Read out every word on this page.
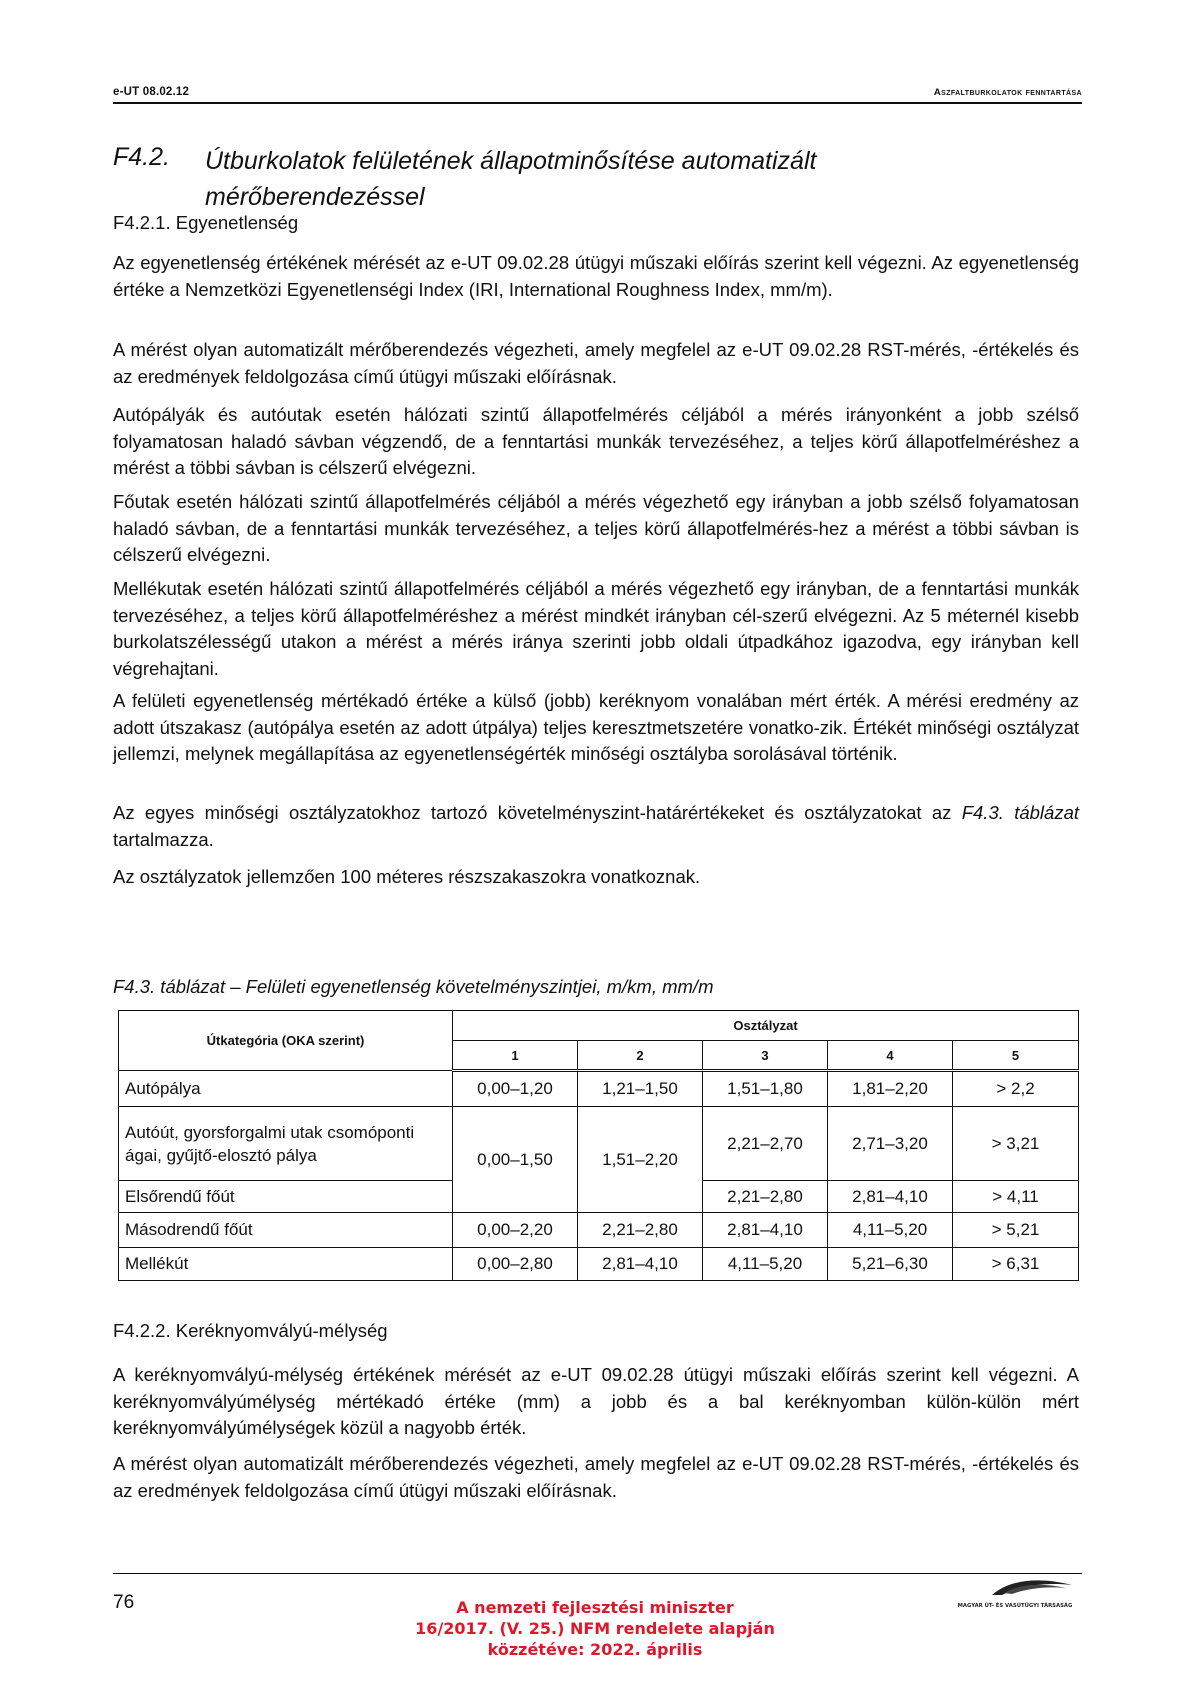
e-UT 08.02.12	Aszfaltburkolatok fenntartása
F4.2. Útburkolatok felületének állapotminősítése automatizált mérőberendezéssel
F4.2.1. Egyenetlenség

Az egyenetlenség értékének mérését az e-UT 09.02.28 útügyi műszaki előírás szerint kell végezni. Az egyenetlenség értéke a Nemzetközi Egyenetlenségi Index (IRI, International Roughness Index, mm/m).

A mérést olyan automatizált mérőberendezés végezheti, amely megfelel az e-UT 09.02.28 RST-mérés, -értékelés és az eredmények feldolgozása című útügyi műszaki előírásnak.

Autópályák és autóutak esetén hálózati szintű állapotfelmérés céljából a mérés irányonként a jobb szélső folyamatosan haladó sávban végzendő, de a fenntartási munkák tervezéséhez, a teljes körű állapotfelméréshez a mérést a többi sávban is célszerű elvégezni.

Főutak esetén hálózati szintű állapotfelmérés céljából a mérés végezhető egy irányban a jobb szélső folyamatosan haladó sávban, de a fenntartási munkák tervezéséhez, a teljes körű állapotfelmérés-hez a mérést a többi sávban is célszerű elvégezni.

Mellékutak esetén hálózati szintű állapotfelmérés céljából a mérés végezhető egy irányban, de a fenntartási munkák tervezéséhez, a teljes körű állapotfelméréshez a mérést mindkét irányban cél-szerű elvégezni. Az 5 méternél kisebb burkolatszélességű utakon a mérést a mérés iránya szerinti jobb oldali útpadkához igazodva, egy irányban kell végrehajtani.

A felületi egyenetlenség mértékadó értéke a külső (jobb) keréknyom vonalában mért érték. A mérési eredmény az adott útszakasz (autópálya esetén az adott útpálya) teljes keresztmetszetére vonatko-zik. Értékét minőségi osztályzat jellemzi, melynek megállapítása az egyenetlenségérték minőségi osztályba sorolásával történik.

Az egyes minőségi osztályzatokhoz tartozó követelményszint-határértékeket és osztályzatokat az F4.3. táblázat tartalmazza.

Az osztályzatok jellemzően 100 méteres részszakaszokra vonatkoznak.

F4.3. táblázat – Felületi egyenetlenség követelményszintjei, m/km, mm/m
Útkategória (OKA szerint)	Osztályzat				
	1	2	3	4	5
Autópálya	0,00–1,20	1,21–1,50	1,51–1,80	1,81–2,20	> 2,2
Autóút, gyorsforgalmi utak csomóponti ágai, gyűjtő-elosztó pálya	0,00–1,50	1,51–2,20	2,21–2,70	2,71–3,20	> 3,21
Elsőrendű főút			2,21–2,80	2,81–4,10	> 4,11
Másodrendű főút	0,00–2,20	2,21–2,80	2,81–4,10	4,11–5,20	> 5,21
Mellékút	0,00–2,80	2,81–4,10	4,11–5,20	5,21–6,30	> 6,31
F4.2.2. Keréknyomvályú-mélység

A keréknyomvályú-mélység értékének mérését az e-UT 09.02.28 útügyi műszaki előírás szerint kell végezni. A keréknyomvályúmélység mértékadó értéke (mm) a jobb és a bal keréknyomban külön-külön mért keréknyomvályúmélységek közül a nagyobb érték.

A mérést olyan automatizált mérőberendezés végezheti, amely megfelel az e-UT 09.02.28 RST-mérés, -értékelés és az eredmények feldolgozása című útügyi műszaki előírásnak.

76	A nemzeti fejlesztési miniszter
16/2017. (V. 25.) NFM rendelete alapján
közzétéve: 2022. április
MAGYAR ÚT- ÉS VASÚTÜGYI TÁRSASÁG
